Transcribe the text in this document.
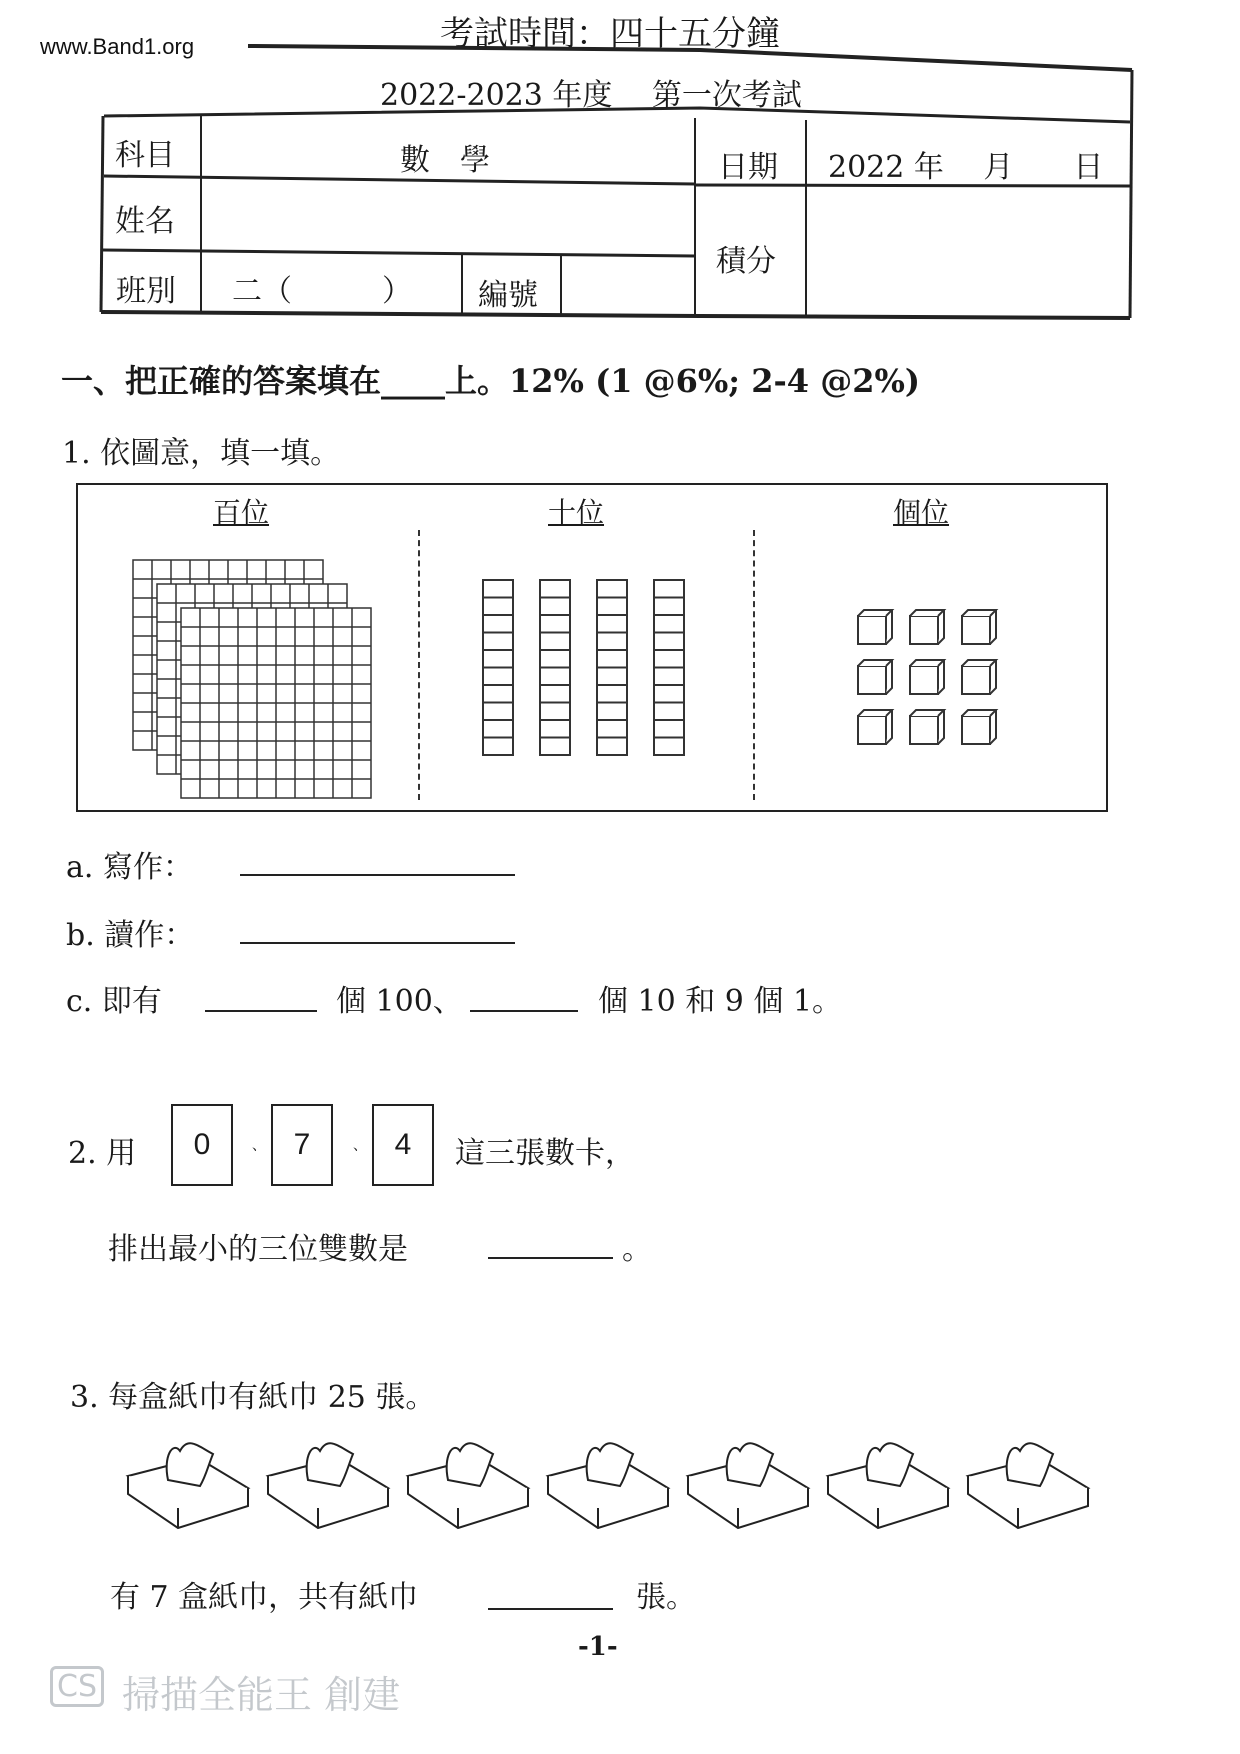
www.Band1.org	考試時間：四十五分鐘
2022-2023 年度　 第一次考試
科目	數　學	日期 2022 年　 月　　日
姓名
班別 二（　　　） 編號
積分
一、把正確的答案填在____上。12% (1 @6%; 2-4 @2%)
1. 依圖意，填一填。
百位	十位	個位
a. 寫作：
b. 讀作：
c. 即有	個 100、	個 10 和 9 個 1。
2. 用	0	、 7	、 4	這三張數卡，
排出最小的三位雙數是	。
3. 每盒紙巾有紙巾 25 張。
有 7 盒紙巾，共有紙巾	張。
-1-
CS 掃描全能王 創建
